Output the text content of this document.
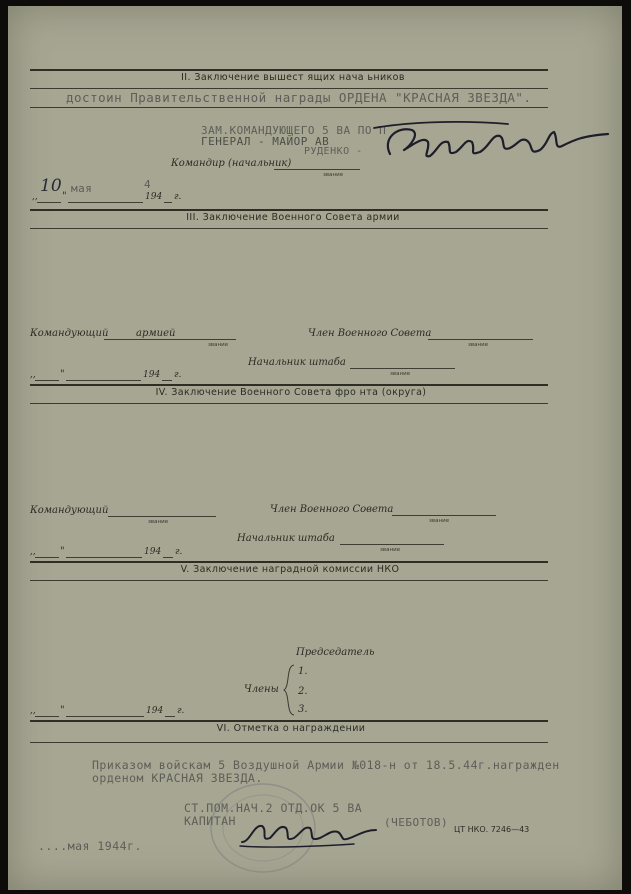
II. Заключение вышест ящих нача ьников
достоин Правительственной награды ОРДЕНА "КРАСНАЯ ЗВЕЗДА".
ЗАМ.КОМАНДУЮЩЕГО 5 ВА ПО П
ГЕНЕРАЛ - МАЙОР АВ
РУДЕНКО -
Командир (начальник)
звание
10 мая	4
,, "	194 г.
III. Заключение Военного Совета армии
Командующий	армией
звание
Член Военного Совета
звание
Начальник штаба
звание
,, "	194 г.
IV. Заключение Военного Совета фро нта (округа)
Командующий
звание
Член Военного Совета
звание
Начальник штаба
звание
,, "	194 г.
V. Заключение наградной комиссии НКО
Председатель
Члены
1.
2.
3.
,, "	194 г.
VI. Отметка о награждении
Приказом войскам 5 Воздушной Армии №018-н от 18.5.44г.награжден
орденом КРАСНАЯ ЗВЕЗДА.
СТ.ПОМ.НАЧ.2 ОТД.ОК 5 ВА
КАПИТАН	(ЧЕБОТОВ)
....мая 1944г.
ЦТ НКО. 7246—43
